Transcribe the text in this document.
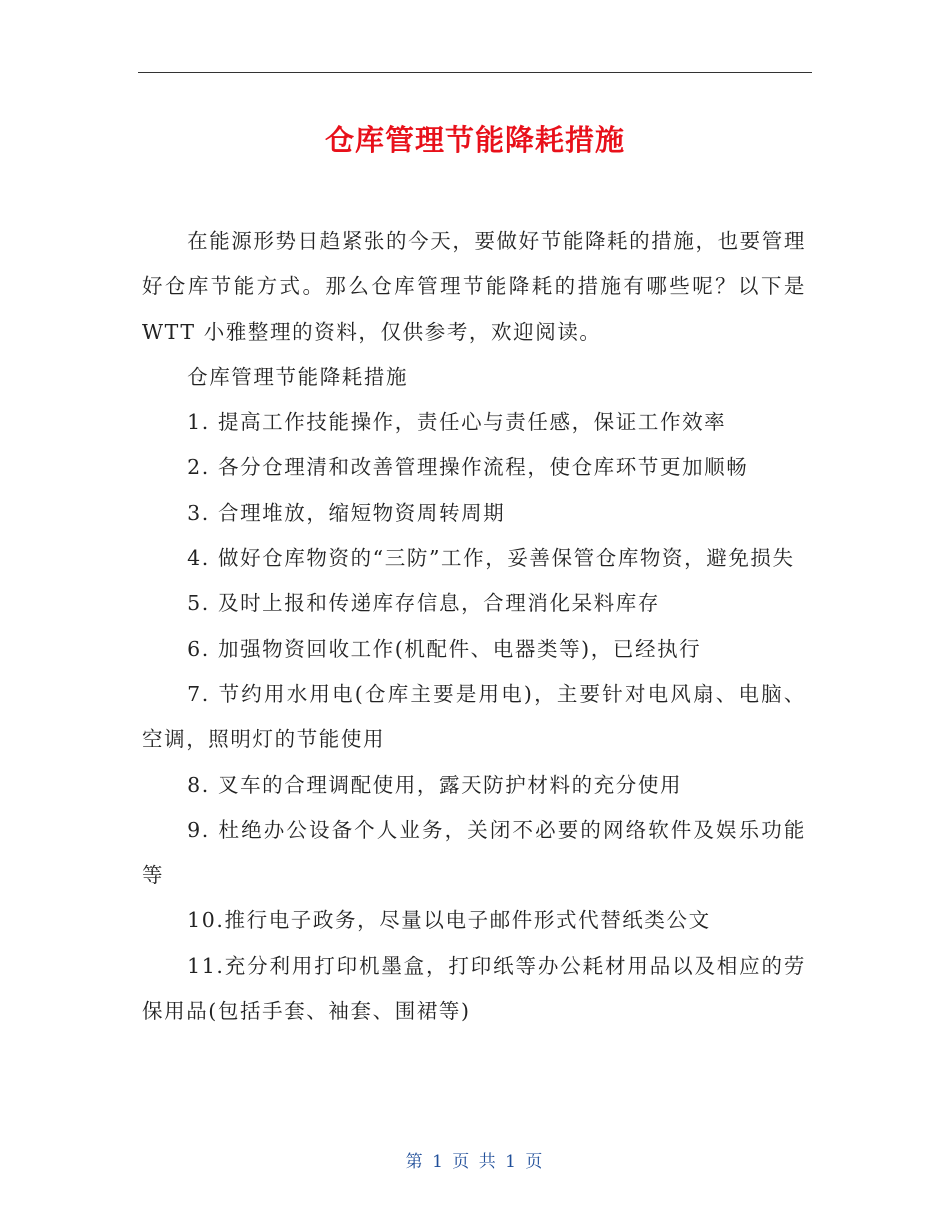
仓库管理节能降耗措施

在能源形势日趋紧张的今天，要做好节能降耗的措施，也要管理好仓库节能方式。那么仓库管理节能降耗的措施有哪些呢？以下是 WTT 小雅整理的资料，仅供参考，欢迎阅读。

仓库管理节能降耗措施

1. 提高工作技能操作，责任心与责任感，保证工作效率

2. 各分仓理清和改善管理操作流程，使仓库环节更加顺畅

3. 合理堆放，缩短物资周转周期

4. 做好仓库物资的“三防”工作，妥善保管仓库物资，避免损失

5. 及时上报和传递库存信息，合理消化呆料库存

6. 加强物资回收工作(机配件、电器类等)，已经执行

7. 节约用水用电(仓库主要是用电)，主要针对电风扇、电脑、空调，照明灯的节能使用

8. 叉车的合理调配使用，露天防护材料的充分使用

9. 杜绝办公设备个人业务，关闭不必要的网络软件及娱乐功能等

10.推行电子政务，尽量以电子邮件形式代替纸类公文

11.充分利用打印机墨盒，打印纸等办公耗材用品以及相应的劳保用品(包括手套、袖套、围裙等)

第 1 页 共 1 页
